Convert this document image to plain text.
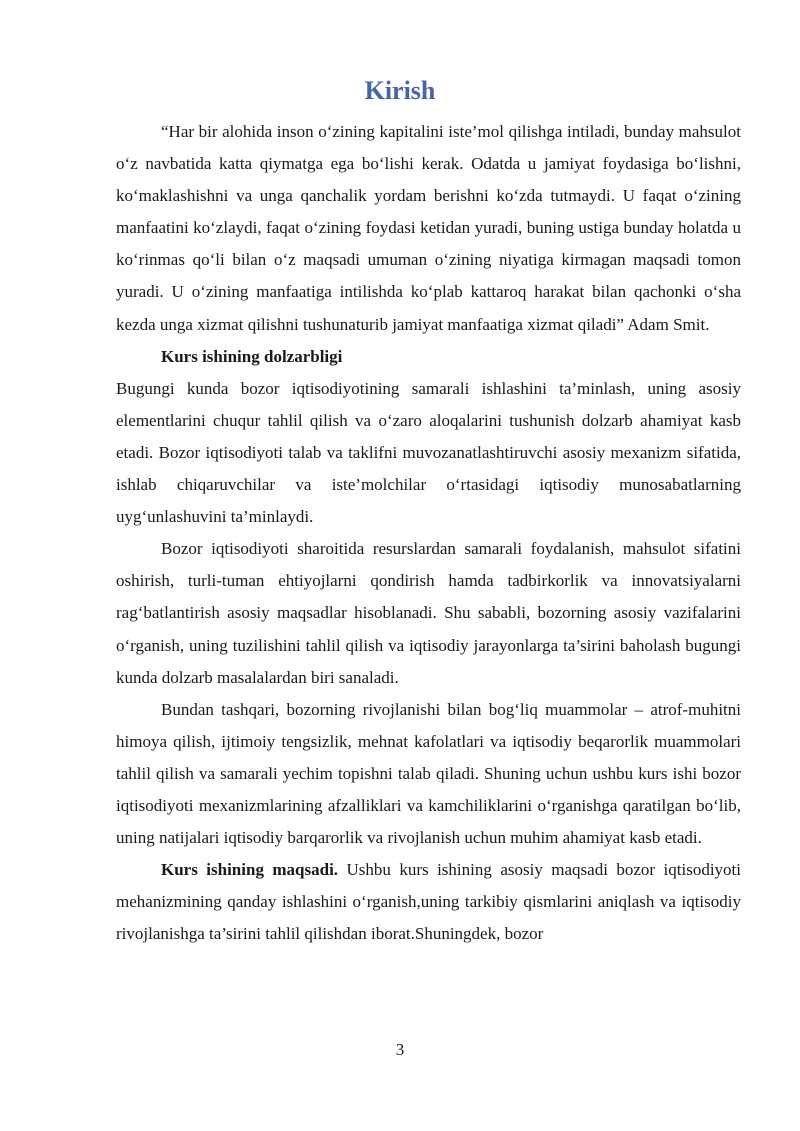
Kirish

“Har bir alohida inson o‘zining kapitalini iste’mol qilishga intiladi, bunday mahsulot o‘z navbatida katta qiymatga ega bo‘lishi kerak. Odatda u jamiyat foydasiga bo‘lishni, ko‘maklashishni va unga qanchalik yordam berishni ko‘zda tutmaydi. U faqat o‘zining manfaatini ko‘zlaydi, faqat o‘zining foydasi ketidan yuradi, buning ustiga bunday holatda u ko‘rinmas qo‘li bilan o‘z maqsadi umuman o‘zining niyatiga kirmagan maqsadi tomon yuradi. U o‘zining manfaatiga intilishda ko‘plab kattaroq harakat bilan qachonki o‘sha kezda unga xizmat qilishni tushunaturib jamiyat manfaatiga xizmat qiladi” Adam Smit.

Kurs ishining dolzarbligi

Bugungi kunda bozor iqtisodiyotining samarali ishlashini ta’minlash, uning asosiy elementlarini chuqur tahlil qilish va o‘zaro aloqalarini tushunish dolzarb ahamiyat kasb etadi. Bozor iqtisodiyoti talab va taklifni muvozanatlashtiruvchi asosiy mexanizm sifatida, ishlab chiqaruvchilar va iste’molchilar o‘rtasidagi iqtisodiy munosabatlarning uyg‘unlashuvini ta’minlaydi.

Bozor iqtisodiyoti sharoitida resurslardan samarali foydalanish, mahsulot sifatini oshirish, turli-tuman ehtiyojlarni qondirish hamda tadbirkorlik va innovatsiyalarni rag‘batlantirish asosiy maqsadlar hisoblanadi. Shu sababli, bozorning asosiy vazifalarini o‘rganish, uning tuzilishini tahlil qilish va iqtisodiy jarayonlarga ta’sirini baholash bugungi kunda dolzarb masalalardan biri sanaladi.

Bundan tashqari, bozorning rivojlanishi bilan bog‘liq muammolar – atrof-muhitni himoya qilish, ijtimoiy tengsizlik, mehnat kafolatlari va iqtisodiy beqarorlik muammolari tahlil qilish va samarali yechim topishni talab qiladi. Shuning uchun ushbu kurs ishi bozor iqtisodiyoti mexanizmlarining afzalliklari va kamchiliklarini o‘rganishga qaratilgan bo‘lib, uning natijalari iqtisodiy barqarorlik va rivojlanish uchun muhim ahamiyat kasb etadi.

Kurs ishining maqsadi. Ushbu kurs ishining asosiy maqsadi bozor iqtisodiyoti mehanizmining qanday ishlashini o‘rganish,uning tarkibiy qismlarini aniqlash va iqtisodiy rivojlanishga ta’sirini tahlil qilishdan iborat.Shuningdek, bozor

3
